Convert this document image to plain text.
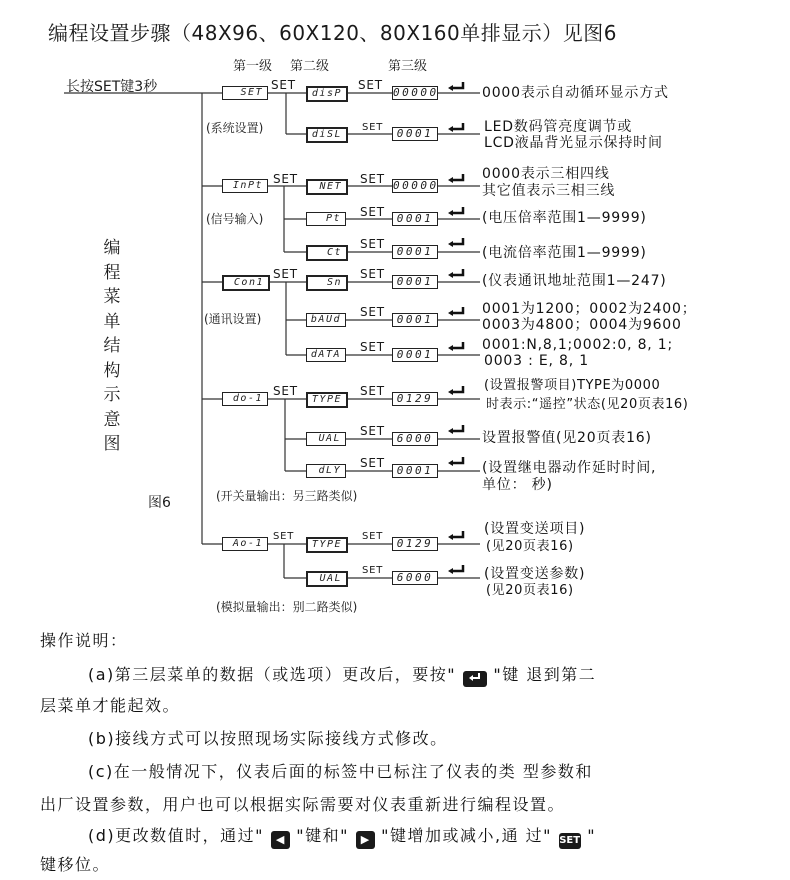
编程设置步骤（48X96、60X120、80X160单排显示）见图6
第一级 第二级	第三级
长按SET键3秒
编程菜单结构示意图
图6
SET
SET
(系统设置)
disP
SET
00000	0000表示自动循环显示方式
diSL
SET	0001	LED数码管亮度调节或
LCD液晶背光显示保持时间
InPt SET
(信号输入)
NET
SET 00000
0000表示三相四线
其它值表示三相三线
Pt	SET	0001	(电压倍率范围1—9999)
Ct
SET
0001	(电流倍率范围1—9999)
Con1
SET
(通讯设置)
Sn
SET
0001	(仪表通讯地址范围1—247)
bAUd
SET
0001
0001为1200；0002为2400；
0003为4800；0004为9600
dATA
SET
0001
0001:N,8,1;0002:0, 8, 1;
0003 : E, 8, 1
do-1
SET
(开关量输出：另三路类似)
TYPE
SET
0129
(设置报警项目)TYPE为0000
时表示:“遥控”状态(见20页表16)
UAL
SET
6000	设置报警值(见20页表16)
dLY
SET
0001	(设置继电器动作延时时间,
单位： 秒)
Ao-1
SET
(模拟量输出：别二路类似)
TYPE
SET
0129
(设置变送项目)
(见20页表16)
UAL
SET
6000	(设置变送参数)
(见20页表16)
操作说明：
(a)第三层菜单的数据（或选项）更改后，要按" "键 退到第二
层菜单才能起效。
(b)接线方式可以按照现场实际接线方式修改。
(c)在一般情况下，仪表后面的标签中已标注了仪表的类 型参数和
出厂设置参数，用户也可以根据实际需要对仪表重新进行编程设置。
(d)更改数值时，通过" ◀ "键和" ▶ "键增加或减小,通 过" SET "
键移位。
